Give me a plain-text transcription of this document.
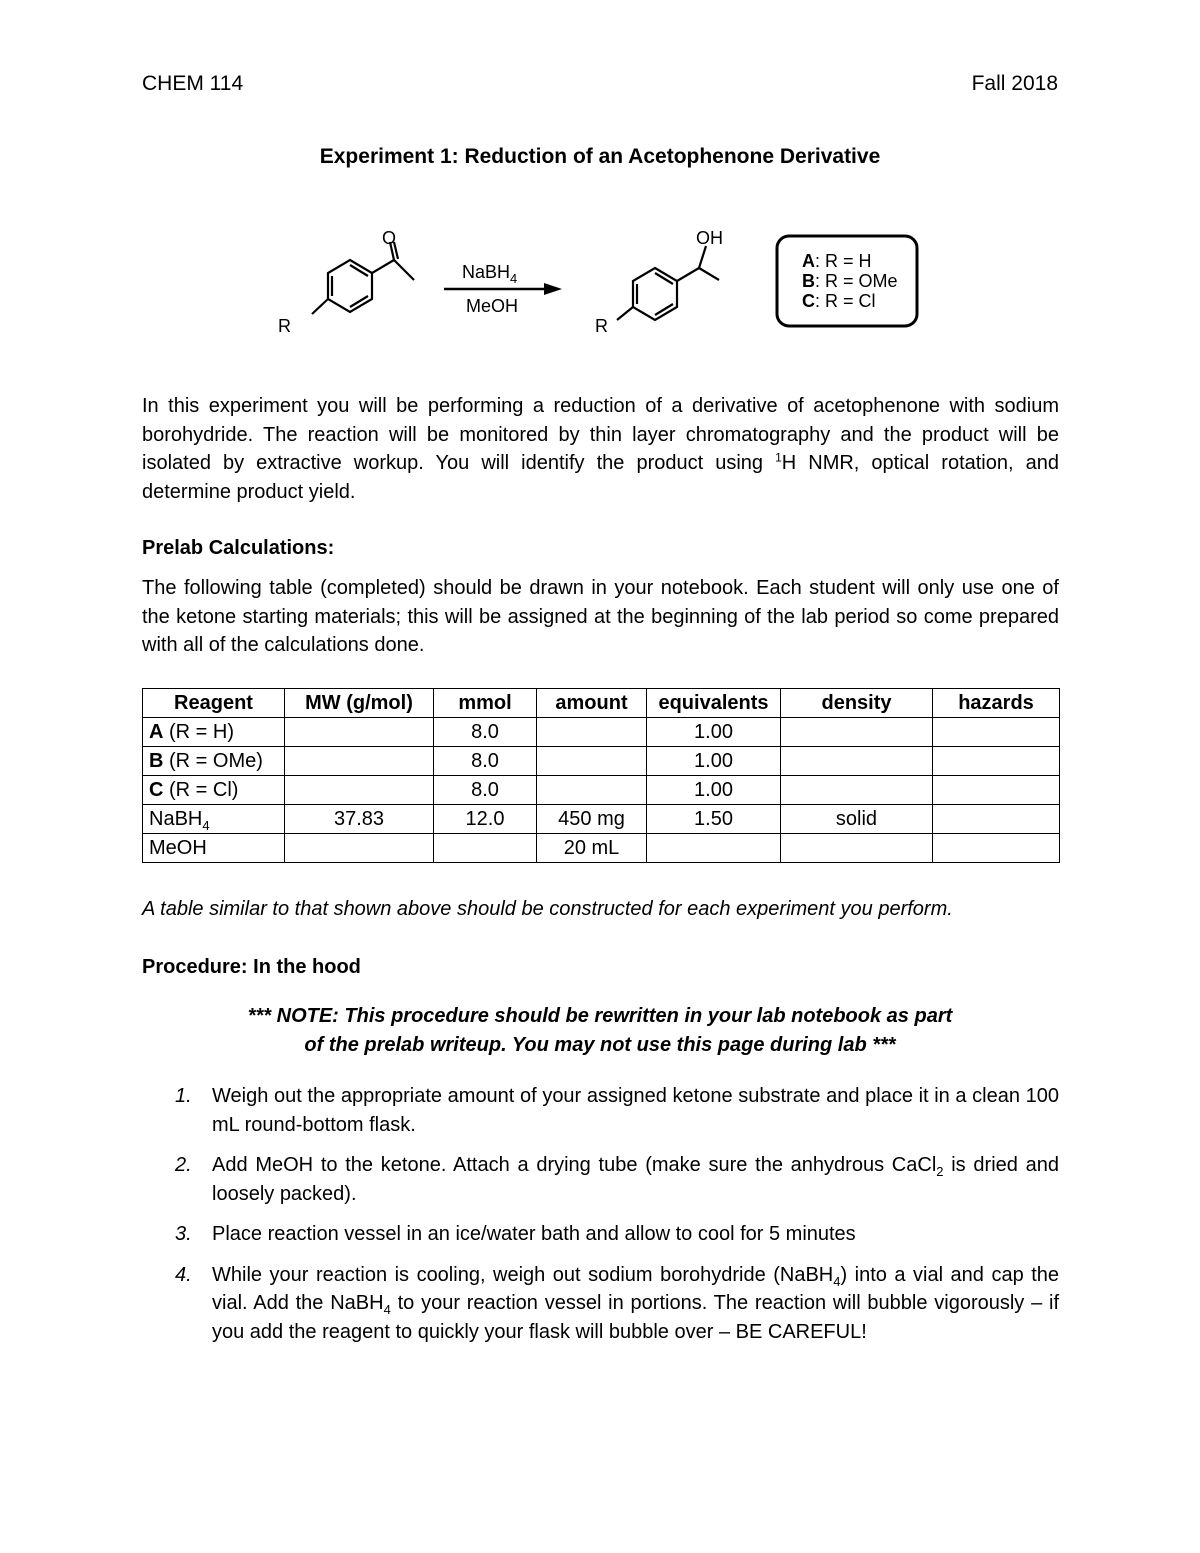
CHEM 114	Fall 2018
Experiment 1: Reduction of an Acetophenone Derivative
O
R
NaBH$_4$
MeOH
OH
R
A: R = H
B: R = OMe
C: R = Cl
In this experiment you will be performing a reduction of a derivative of acetophenone with sodium borohydride. The reaction will be monitored by thin layer chromatography and the product will be isolated by extractive workup. You will identify the product using $^1$H NMR, optical rotation, and determine product yield.
Prelab Calculations:
The following table (completed) should be drawn in your notebook. Each student will only use one of the ketone starting materials; this will be assigned at the beginning of the lab period so come prepared with all of the calculations done.
Reagent	MW (g/mol)	mmol	amount	equivalents	density	hazards
A (R = H)		8.0		1.00		
B (R = OMe)		8.0		1.00		
C (R = Cl)		8.0		1.00		
NaBH$_4$	37.83	12.0	450 mg	1.50	solid	
MeOH			20 mL			
A table similar to that shown above should be constructed for each experiment you perform.
Procedure: In the hood
*** NOTE: This procedure should be rewritten in your lab notebook as part
of the prelab writeup. You may not use this page during lab ***
1. Weigh out the appropriate amount of your assigned ketone substrate and place it in a clean 100 mL round-bottom flask.
2. Add MeOH to the ketone. Attach a drying tube (make sure the anhydrous CaCl$_2$ is dried and loosely packed).
3. Place reaction vessel in an ice/water bath and allow to cool for 5 minutes
4. While your reaction is cooling, weigh out sodium borohydride (NaBH$_4$) into a vial and cap the vial. Add the NaBH$_4$ to your reaction vessel in portions. The reaction will bubble vigorously – if you add the reagent to quickly your flask will bubble over – BE CAREFUL!
